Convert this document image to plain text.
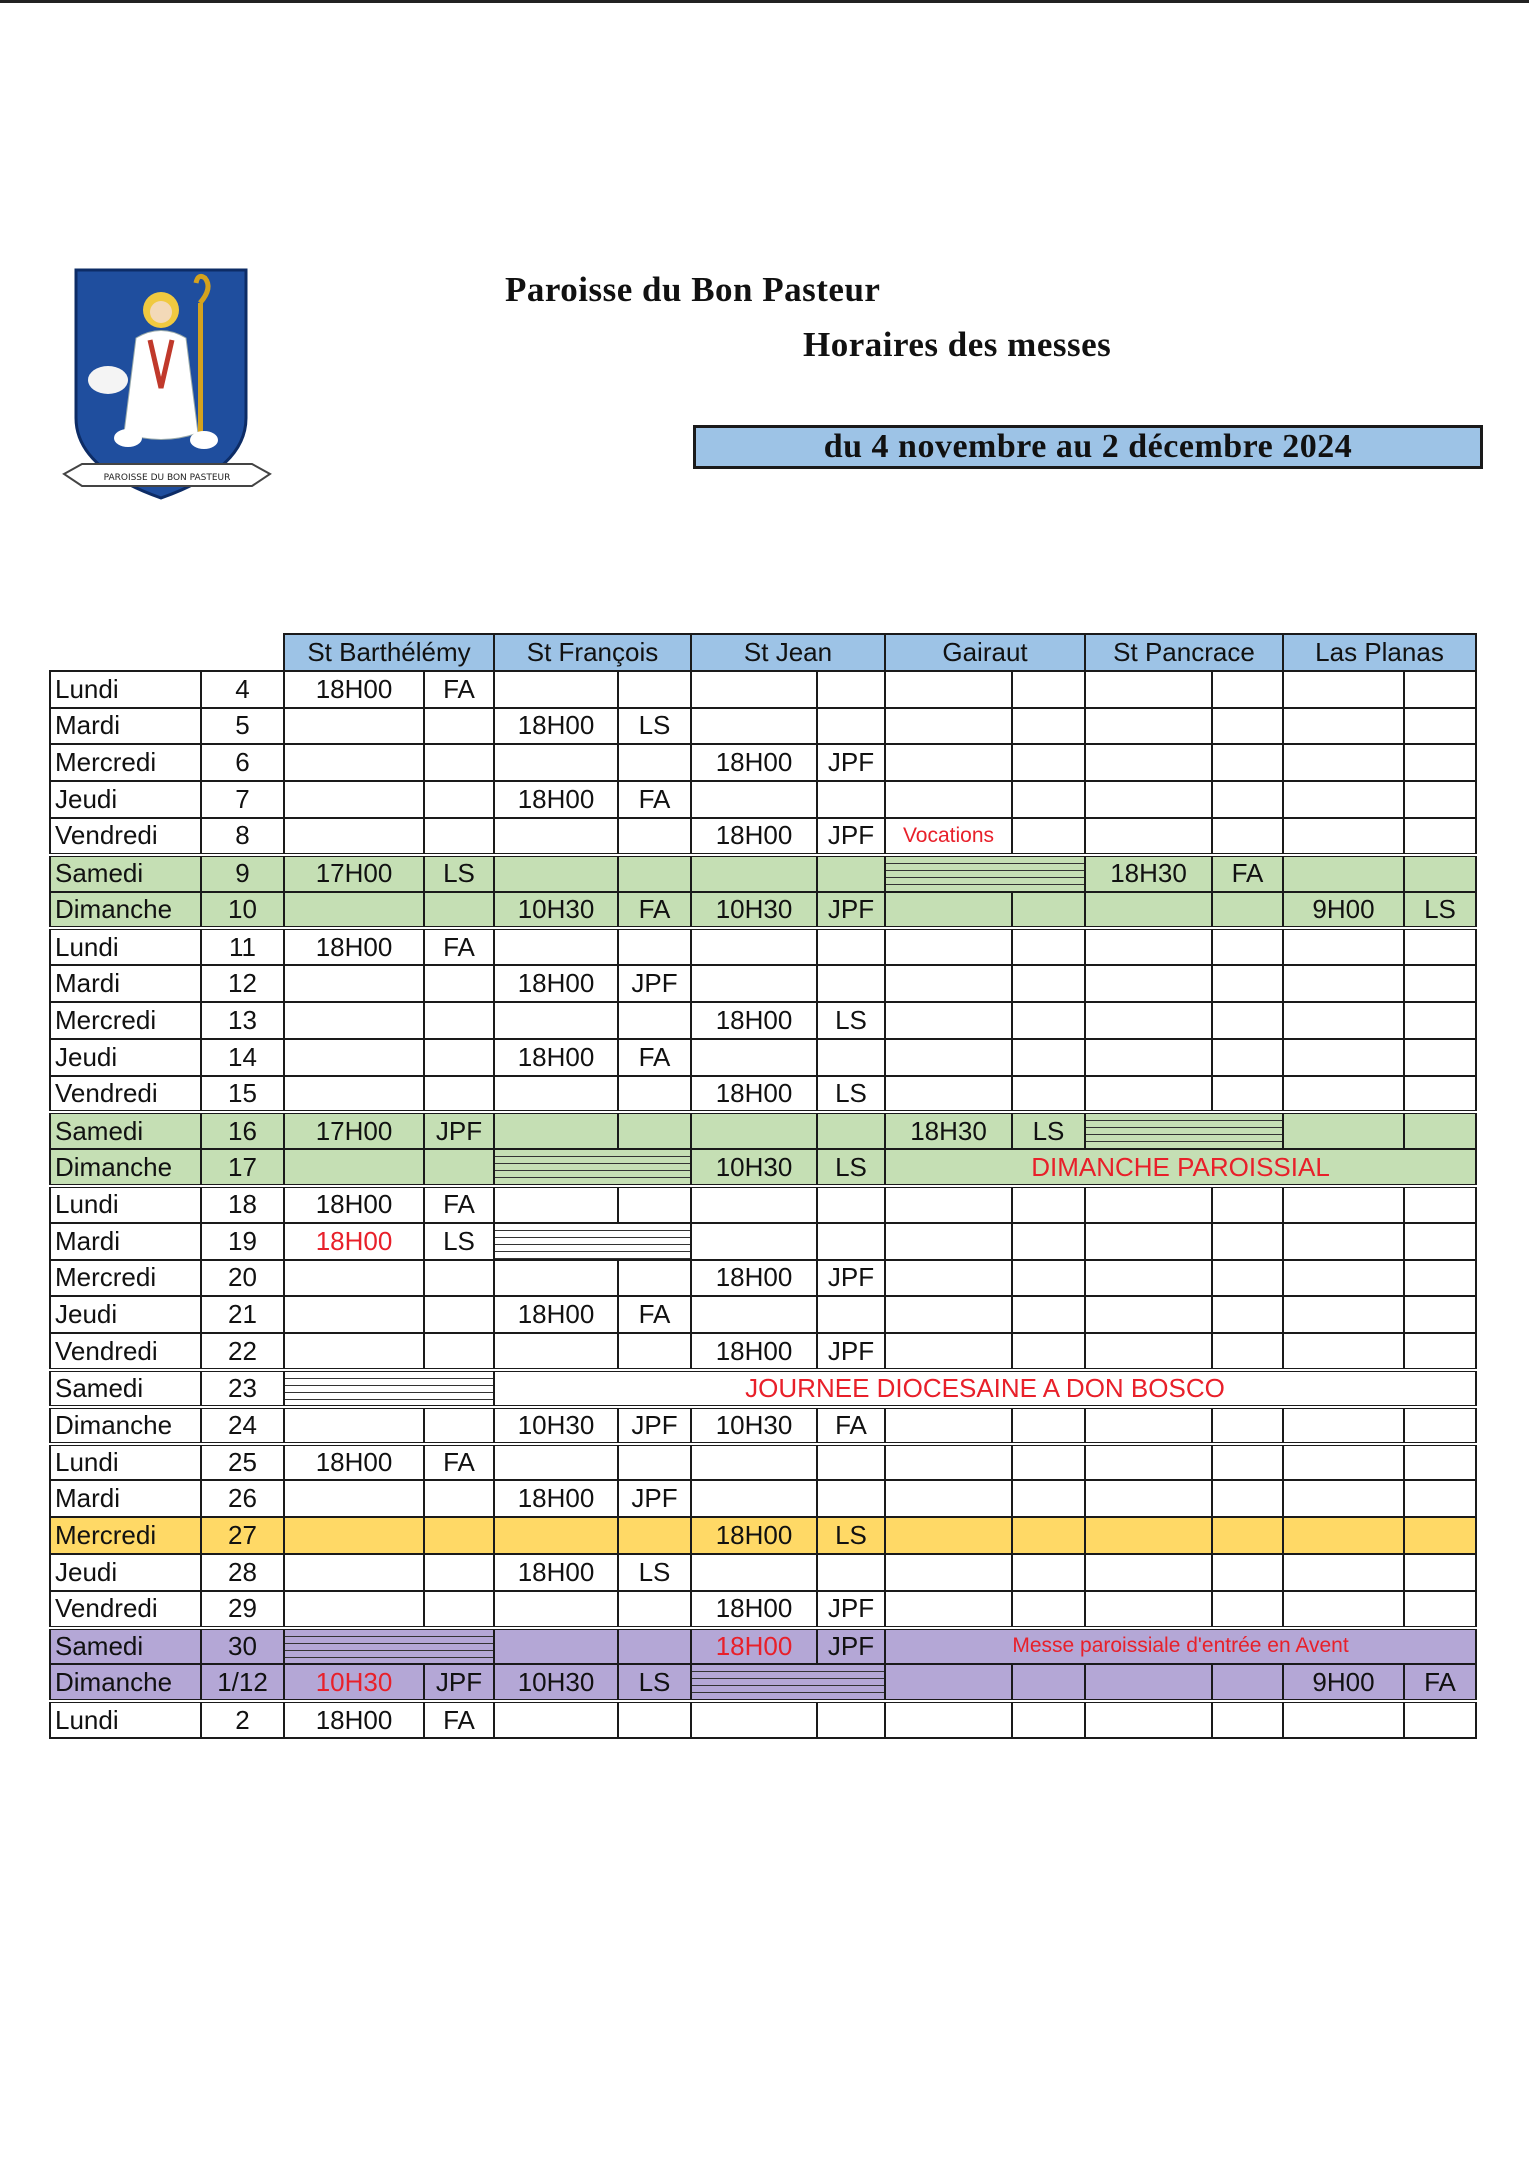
PAROISSE DU BON PASTEUR
Paroisse du Bon Pasteur
Horaires des messes
du 4 novembre au 2 décembre 2024
		St Barthélémy		St François		St Jean		Gairaut		St Pancrace		Las Planas	
Lundi	4	18H00	FA										
Mardi	5			18H00	LS								
Mercredi	6					18H00	JPF						
Jeudi	7			18H00	FA								
Vendredi	8					18H00	JPF	Vocations					
Samedi	9	17H00	LS							18H30	FA		
Dimanche	10			10H30	FA	10H30	JPF					9H00	LS
Lundi	11	18H00	FA										
Mardi	12			18H00	JPF								
Mercredi	13					18H00	LS						
Jeudi	14			18H00	FA								
Vendredi	15					18H00	LS						
Samedi	16	17H00	JPF					18H30	LS				
Dimanche	17					10H30	LS	DIMANCHE PAROISSIAL					
Lundi	18	18H00	FA										
Mardi	19	18H00	LS										
Mercredi	20					18H00	JPF						
Jeudi	21			18H00	FA								
Vendredi	22					18H00	JPF						
Samedi	23			JOURNEE DIOCESAINE A DON BOSCO									
Dimanche	24			10H30	JPF	10H30	FA						
Lundi	25	18H00	FA										
Mardi	26			18H00	JPF								
Mercredi	27					18H00	LS						
Jeudi	28			18H00	LS								
Vendredi	29					18H00	JPF						
Samedi	30					18H00	JPF	Messe paroissiale d'entrée en Avent					
Dimanche	1/12	10H30	JPF	10H30	LS							9H00	FA
Lundi	2	18H00	FA										
